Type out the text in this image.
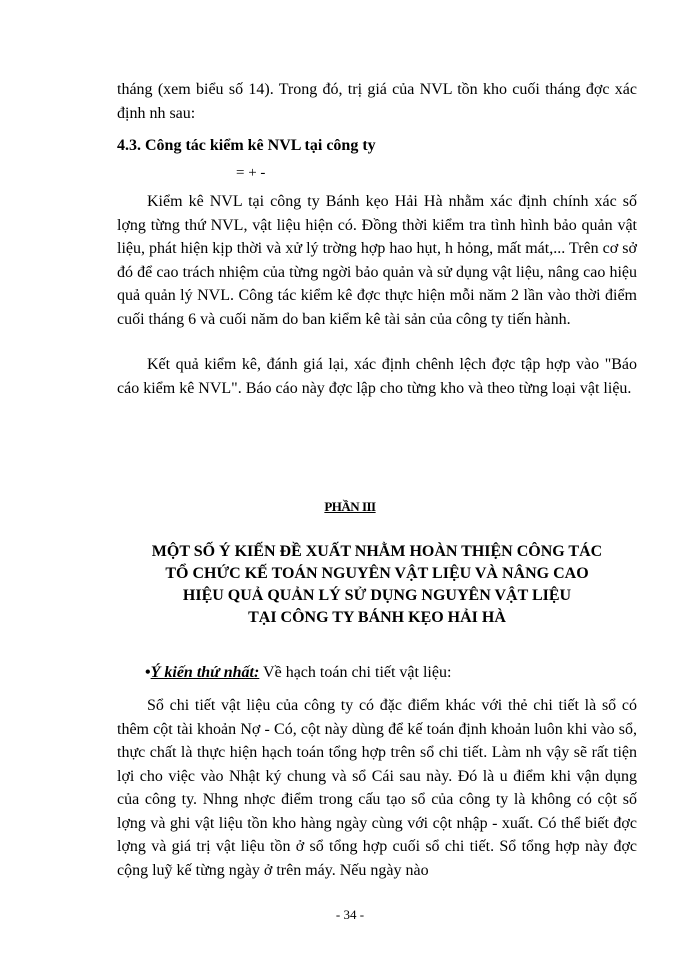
tháng (xem biểu số 14). Trong đó, trị giá của NVL tồn kho cuối tháng đợc xác định nh sau:

4.3. Công tác kiểm kê NVL tại công ty

= + -

Kiểm kê NVL tại công ty Bánh kẹo Hải Hà nhằm xác định chính xác số lợng từng thứ NVL, vật liệu hiện có. Đồng thời kiểm tra tình hình bảo quản vật liệu, phát hiện kịp thời và xử lý trờng hợp hao hụt, h hỏng, mất mát,... Trên cơ sở đó để cao trách nhiệm của từng ngời bảo quản và sử dụng vật liệu, nâng cao hiệu quả quản lý NVL. Công tác kiểm kê đợc thực hiện mỗi năm 2 lần vào thời điểm cuối tháng 6 và cuối năm do ban kiểm kê tài sản của công ty tiến hành.

Kết quả kiểm kê, đánh giá lại, xác định chênh lệch đợc tập hợp vào "Báo cáo kiểm kê NVL". Báo cáo này đợc lập cho từng kho và theo từng loại vật liệu.

PHẦN III

MỘT SỐ Ý KIẾN ĐỀ XUẤT NHẰM HOÀN THIỆN CÔNG TÁC
TỔ CHỨC KẾ TOÁN NGUYÊN VẬT LIỆU VÀ NÂNG CAO
HIỆU QUẢ QUẢN LÝ SỬ DỤNG NGUYÊN VẬT LIỆU
TẠI CÔNG TY BÁNH KẸO HẢI HÀ

•Ý kiến thứ nhất: Về hạch toán chi tiết vật liệu:

Sổ chi tiết vật liệu của công ty có đặc điểm khác với thẻ chi tiết là sổ có thêm cột tài khoản Nợ - Có, cột này dùng để kế toán định khoản luôn khi vào sổ, thực chất là thực hiện hạch toán tổng hợp trên sổ chi tiết. Làm nh vậy sẽ rất tiện lợi cho việc vào Nhật ký chung và sổ Cái sau này. Đó là u điểm khi vận dụng của công ty. Nhng nhợc điểm trong cấu tạo sổ của công ty là không có cột số lợng và ghi vật liệu tồn kho hàng ngày cùng với cột nhập - xuất. Có thể biết đợc lợng và giá trị vật liệu tồn ở sổ tổng hợp cuối sổ chi tiết. Sổ tổng hợp này đợc cộng luỹ kế từng ngày ở trên máy. Nếu ngày nào

- 34 -
